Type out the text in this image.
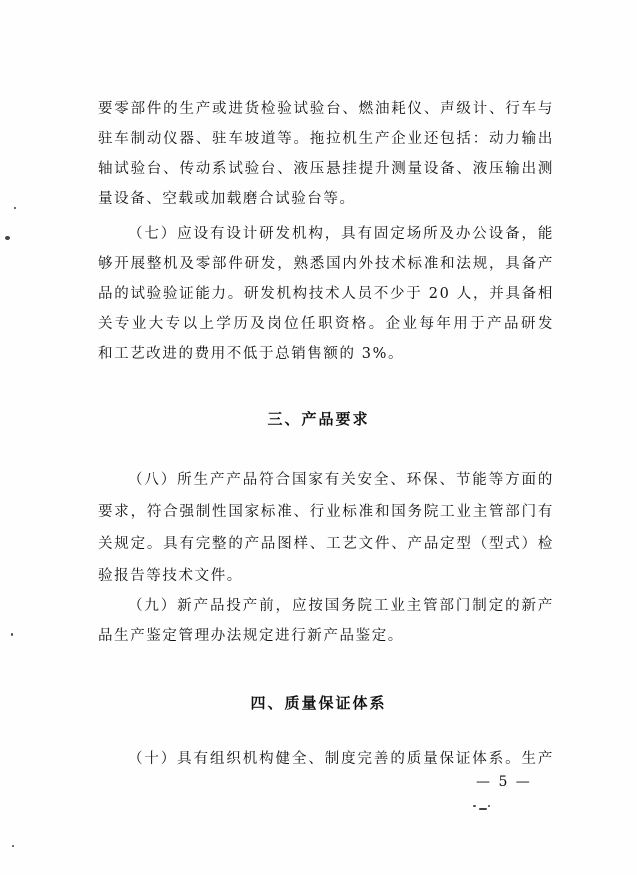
要零部件的生产或进货检验试验台、燃油耗仪、声级计、行车与
驻车制动仪器、驻车坡道等。拖拉机生产企业还包括：动力输出
轴试验台、传动系试验台、液压悬挂提升测量设备、液压输出测
量设备、空载或加载磨合试验台等。
（七）应设有设计研发机构，具有固定场所及办公设备，能
够开展整机及零部件研发，熟悉国内外技术标准和法规，具备产
品的试验验证能力。研发机构技术人员不少于 20 人，并具备相
关专业大专以上学历及岗位任职资格。企业每年用于产品研发
和工艺改进的费用不低于总销售额的 3%。
三、产品要求
（八）所生产产品符合国家有关安全、环保、节能等方面的
要求，符合强制性国家标准、行业标准和国务院工业主管部门有
关规定。具有完整的产品图样、工艺文件、产品定型（型式）检
验报告等技术文件。
（九）新产品投产前，应按国务院工业主管部门制定的新产
品生产鉴定管理办法规定进行新产品鉴定。
四、质量保证体系
（十）具有组织机构健全、制度完善的质量保证体系。生产
— 5 —
